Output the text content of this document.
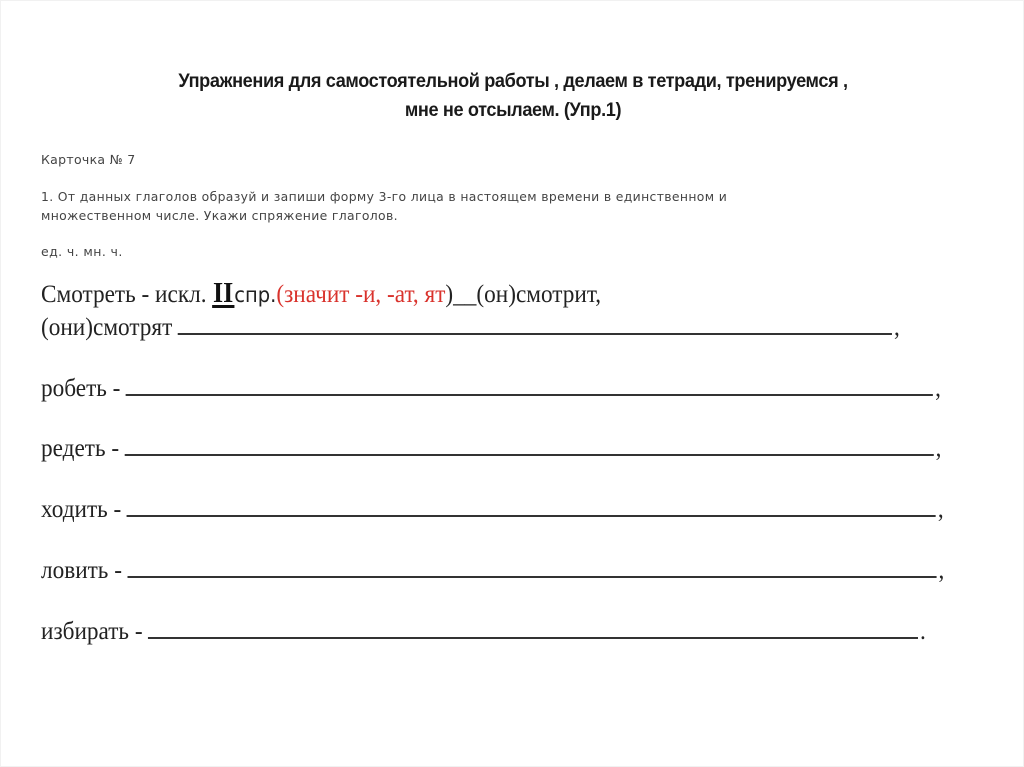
Упражнения для самостоятельной работы , делаем в тетради, тренируемся ,
мне не отсылаем. (Упр.1)
Карточка № 7
1. От данных глаголов образуй и запиши форму 3-го лица в настоящем времени в единственном и
множественном числе. Укажи спряжение глаголов.
ед. ч. мн. ч.
Смотреть - искл. II спр. ( значит -и, -ат, ят )__ (он)смотрит,
(они)смотрят	,
робеть -	,
редеть -	,
ходить -	,
ловить -	,
избирать -	.
